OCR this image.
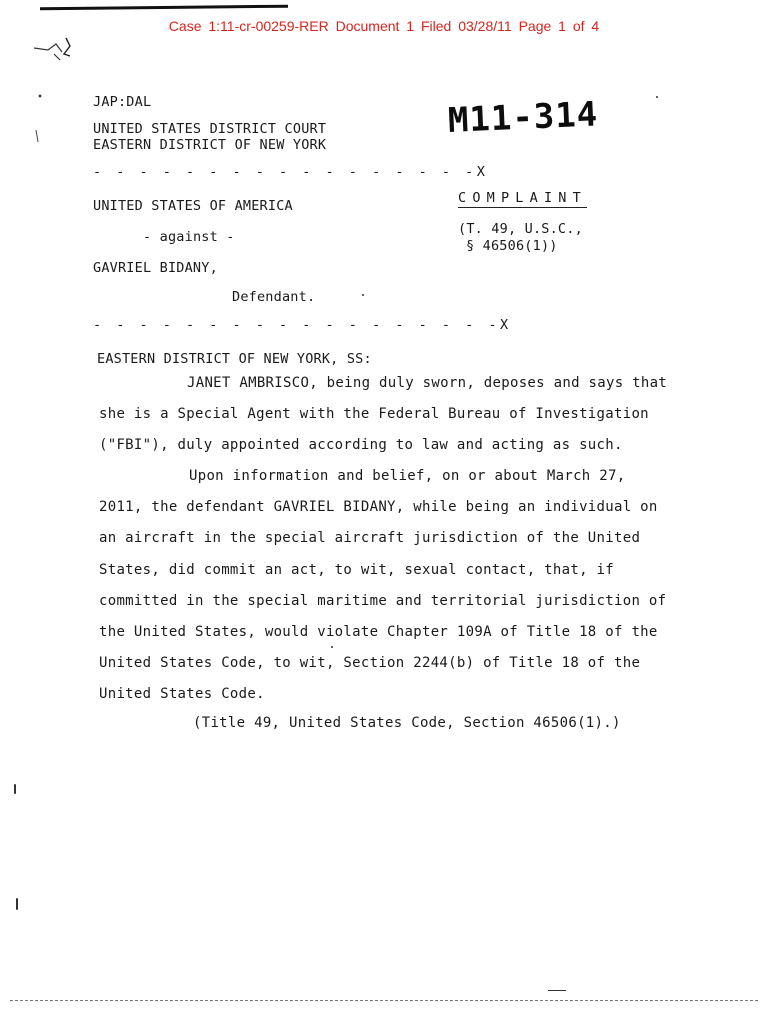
Case 1:11-cr-00259-RER Document 1 Filed 03/28/11 Page 1 of 4
JAP:DAL
UNITED STATES DISTRICT COURT
EASTERN DISTRICT OF NEW YORK
M11-314
- - - - - - - - - - - - - - - - -X
UNITED STATES OF AMERICA
- against -
GAVRIEL BIDANY,
Defendant.
COMPLAINT
(T. 49, U.S.C.,
§ 46506(1))
- - - - - - - - - - - - - - - - - -X
EASTERN DISTRICT OF NEW YORK, SS:
JANET AMBRISCO, being duly sworn, deposes and says that
she is a Special Agent with the Federal Bureau of Investigation
("FBI"), duly appointed according to law and acting as such.
Upon information and belief, on or about March 27,
2011, the defendant GAVRIEL BIDANY, while being an individual on
an aircraft in the special aircraft jurisdiction of the United
States, did commit an act, to wit, sexual contact, that, if
committed in the special maritime and territorial jurisdiction of
the United States, would violate Chapter 109A of Title 18 of the
United States Code, to wit, Section 2244(b) of Title 18 of the
United States Code.
(Title 49, United States Code, Section 46506(1).)
